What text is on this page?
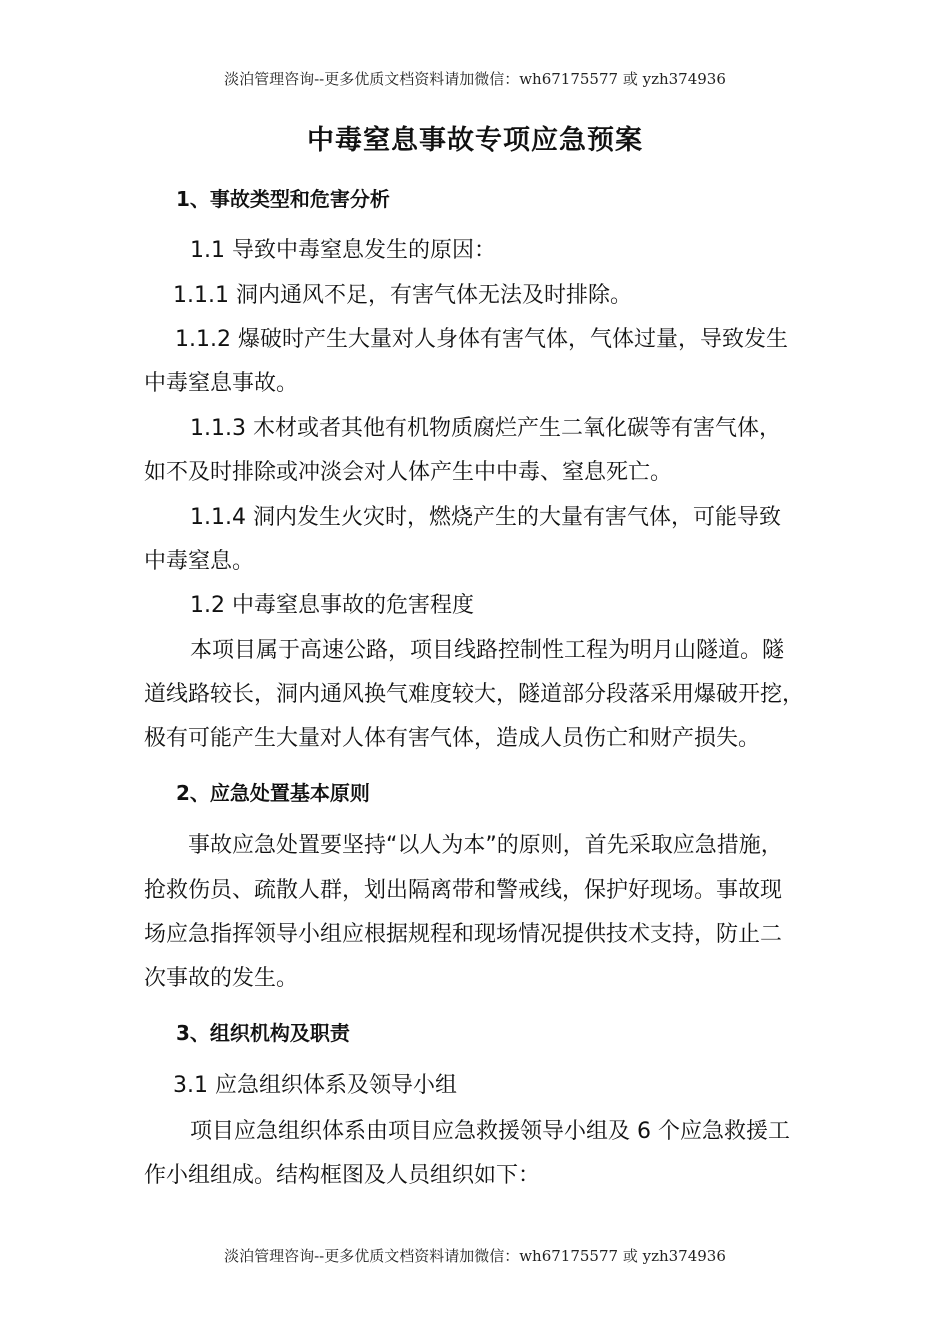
淡泊管理咨询--更多优质文档资料请加微信：wh67175577 或 yzh374936
中毒窒息事故专项应急预案
1、事故类型和危害分析
1.1 导致中毒窒息发生的原因：
1.1.1 洞内通风不足，有害气体无法及时排除。
1.1.2 爆破时产生大量对人身体有害气体，气体过量，导致发生
中毒窒息事故。
1.1.3 木材或者其他有机物质腐烂产生二氧化碳等有害气体，
如不及时排除或冲淡会对人体产生中中毒、窒息死亡。
1.1.4 洞内发生火灾时，燃烧产生的大量有害气体，可能导致
中毒窒息。
1.2 中毒窒息事故的危害程度
本项目属于高速公路，项目线路控制性工程为明月山隧道。隧
道线路较长，洞内通风换气难度较大，隧道部分段落采用爆破开挖，
极有可能产生大量对人体有害气体，造成人员伤亡和财产损失。
2、应急处置基本原则
事故应急处置要坚持“以人为本”的原则，首先采取应急措施，
抢救伤员、疏散人群，划出隔离带和警戒线，保护好现场。事故现
场应急指挥领导小组应根据规程和现场情况提供技术支持，防止二
次事故的发生。
3、组织机构及职责
3.1 应急组织体系及领导小组
项目应急组织体系由项目应急救援领导小组及 6 个应急救援工
作小组组成。结构框图及人员组织如下：
淡泊管理咨询--更多优质文档资料请加微信：wh67175577 或 yzh374936
